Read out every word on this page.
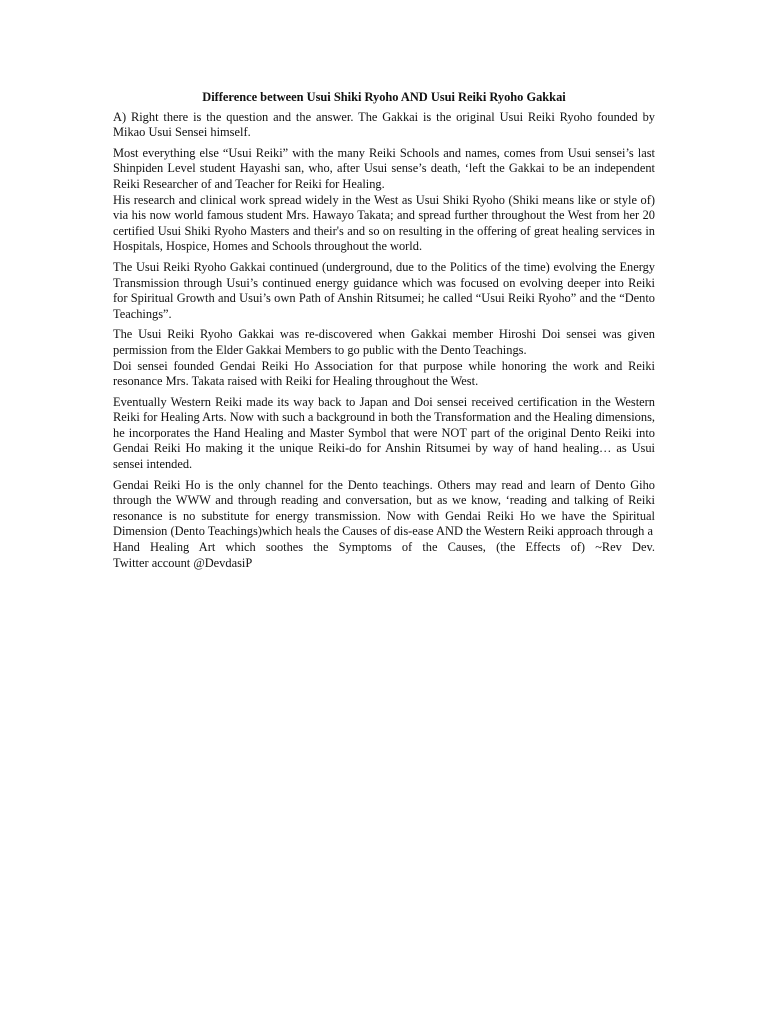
Difference between Usui Shiki Ryoho AND Usui Reiki Ryoho Gakkai
A) Right there is the question and the answer. The Gakkai is the original Usui Reiki Ryoho founded by Mikao Usui Sensei himself.
Most everything else “Usui Reiki” with the many Reiki Schools and names, comes from Usui sensei’s last Shinpiden Level student Hayashi san, who, after Usui sense’s death, ‘left the Gakkai to be an independent Reiki Researcher of and Teacher for Reiki for Healing.
His research and clinical work spread widely in the West as Usui Shiki Ryoho (Shiki means like or style of) via his now world famous student Mrs. Hawayo Takata; and spread further throughout the West from her 20 certified Usui Shiki Ryoho Masters and their's and so on resulting in the offering of great healing services in Hospitals, Hospice, Homes and Schools throughout the world.
The Usui Reiki Ryoho Gakkai continued (underground, due to the Politics of the time) evolving the Energy Transmission through Usui’s continued energy guidance which was focused on evolving deeper into Reiki for Spiritual Growth and Usui’s own Path of Anshin Ritsumei; he called “Usui Reiki Ryoho” and the “Dento Teachings”.
The Usui Reiki Ryoho Gakkai was re-discovered when Gakkai member Hiroshi Doi sensei was given permission from the Elder Gakkai Members to go public with the Dento Teachings.
Doi sensei founded Gendai Reiki Ho Association for that purpose while honoring the work and Reiki resonance Mrs. Takata raised with Reiki for Healing throughout the West.
Eventually Western Reiki made its way back to Japan and Doi sensei received certification in the Western Reiki for Healing Arts. Now with such a background in both the Transformation and the Healing dimensions, he incorporates the Hand Healing and Master Symbol that were NOT part of the original Dento Reiki into Gendai Reiki Ho making it the unique Reiki-do for Anshin Ritsumei by way of hand healing… as Usui sensei intended.
Gendai Reiki Ho is the only channel for the Dento teachings. Others may read and learn of Dento Giho through the WWW and through reading and conversation, but as we know, ‘reading and talking of Reiki resonance is no substitute for energy transmission. Now with Gendai Reiki Ho we have the Spiritual Dimension (Dento Teachings)which heals the Causes of dis-ease AND the Western Reiki approach through a
Hand Healing Art which soothes the Symptoms of the Causes, (the Effects of) ~Rev Dev.
Twitter account @DevdasiP
